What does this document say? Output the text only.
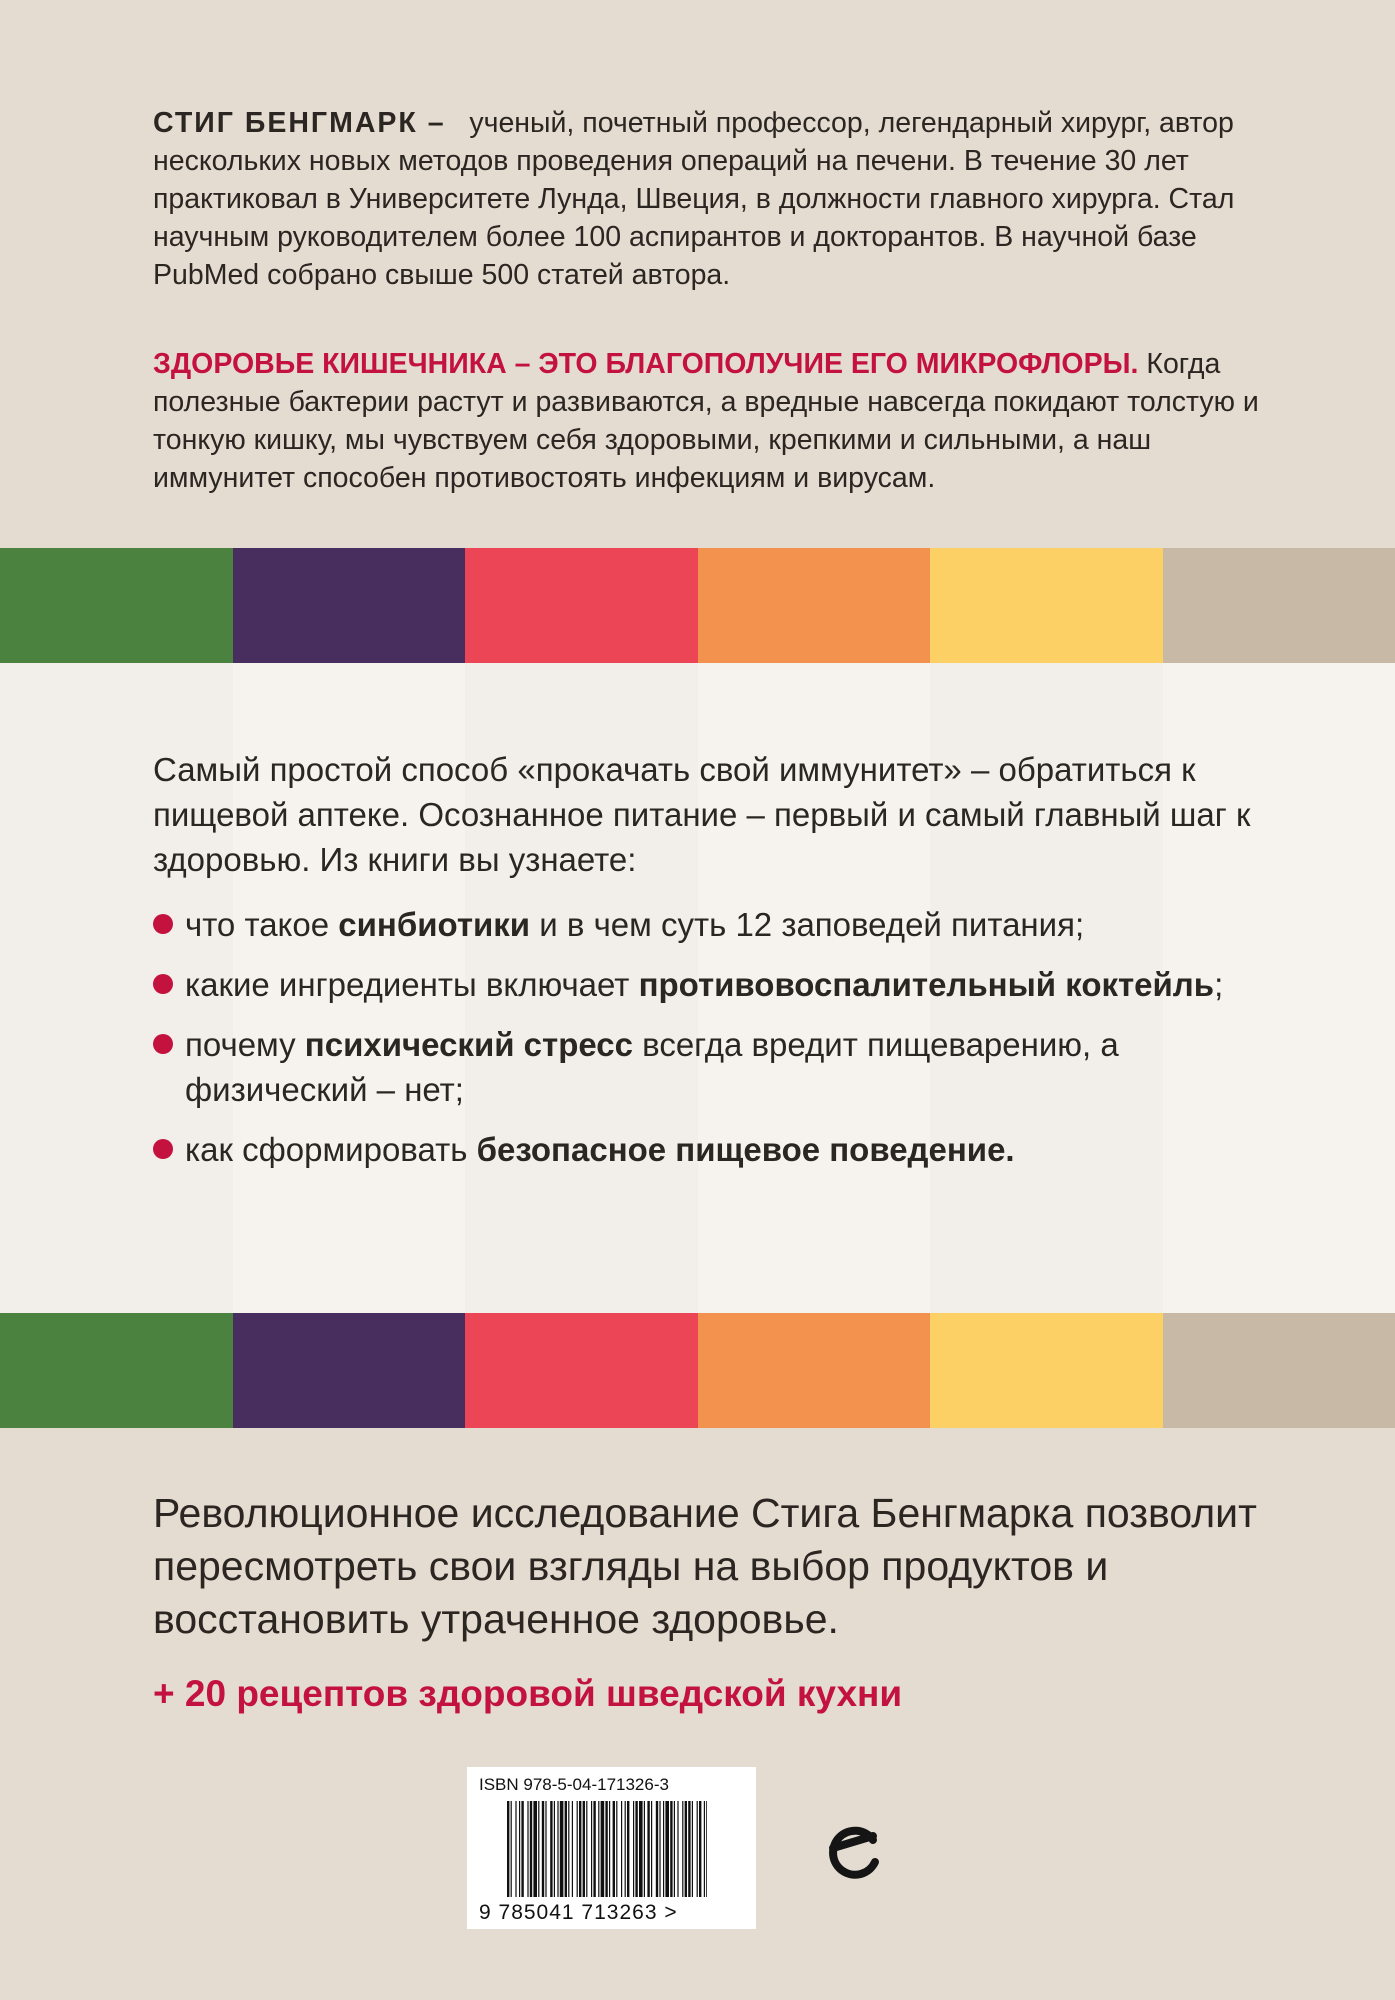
СТИГ БЕНГМАРК – ученый, почетный профессор, легендарный хирург, автор нескольких новых методов проведения операций на печени. В течение 30 лет практиковал в Университете Лунда, Швеция, в должности главного хирурга. Стал научным руководителем более 100 аспирантов и докторантов. В научной базе PubMed собрано свыше 500 статей автора.
ЗДОРОВЬЕ КИШЕЧНИКА – ЭТО БЛАГОПОЛУЧИЕ ЕГО МИКРОФЛОРЫ. Когда полезные бактерии растут и развиваются, а вредные навсегда покидают толстую и тонкую кишку, мы чувствуем себя здоровыми, крепкими и сильными, а наш иммунитет способен противостоять инфекциям и вирусам.

Самый простой способ «прокачать свой иммунитет» – обратиться к пищевой аптеке. Осознанное питание – первый и самый главный шаг к здоровью. Из книги вы узнаете:

что такое синбиотики и в чем суть 12 заповедей питания;
какие ингредиенты включает противовоспалительный коктейль;
почему психический стресс всегда вредит пищеварению, а физический – нет;
как сформировать безопасное пищевое поведение.

Революционное исследование Стига Бенгмарка позволит пересмотреть свои взгляды на выбор продуктов и восстановить утраченное здоровье.

+ 20 рецептов здоровой шведской кухни

ISBN 978-5-04-171326-3
9 785041 713263 >
